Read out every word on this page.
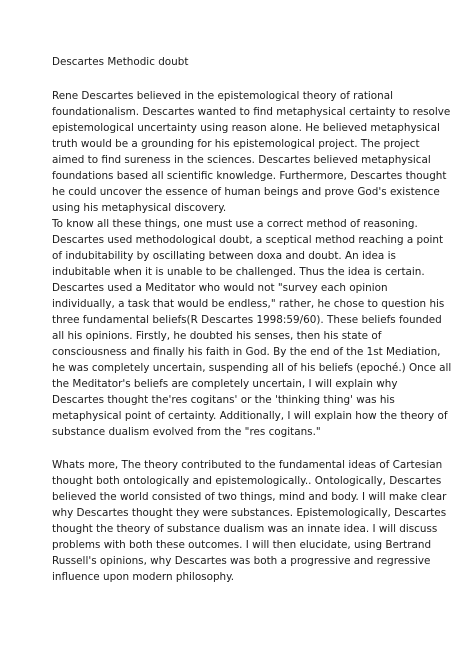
Descartes Methodic doubt
Rene Descartes believed in the epistemological theory of rational
foundationalism. Descartes wanted to find metaphysical certainty to resolve
epistemological uncertainty using reason alone. He believed metaphysical
truth would be a grounding for his epistemological project. The project
aimed to find sureness in the sciences. Descartes believed metaphysical
foundations based all scientific knowledge. Furthermore, Descartes thought
he could uncover the essence of human beings and prove God's existence
using his metaphysical discovery.
To know all these things, one must use a correct method of reasoning.
Descartes used methodological doubt, a sceptical method reaching a point
of indubitability by oscillating between doxa and doubt. An idea is
indubitable when it is unable to be challenged. Thus the idea is certain.
Descartes used a Meditator who would not "survey each opinion
individually, a task that would be endless," rather, he chose to question his
three fundamental beliefs(R Descartes 1998:59/60). These beliefs founded
all his opinions. Firstly, he doubted his senses, then his state of
consciousness and finally his faith in God. By the end of the 1st Mediation,
he was completely uncertain, suspending all of his beliefs (epoché.) Once all
the Meditator's beliefs are completely uncertain, I will explain why
Descartes thought the'res cogitans' or the 'thinking thing' was his
metaphysical point of certainty. Additionally, I will explain how the theory of
substance dualism evolved from the "res cogitans."
Whats more, The theory contributed to the fundamental ideas of Cartesian
thought both ontologically and epistemologically.. Ontologically, Descartes
believed the world consisted of two things, mind and body. I will make clear
why Descartes thought they were substances. Epistemologically, Descartes
thought the theory of substance dualism was an innate idea. I will discuss
problems with both these outcomes. I will then elucidate, using Bertrand
Russell's opinions, why Descartes was both a progressive and regressive
influence upon modern philosophy.
